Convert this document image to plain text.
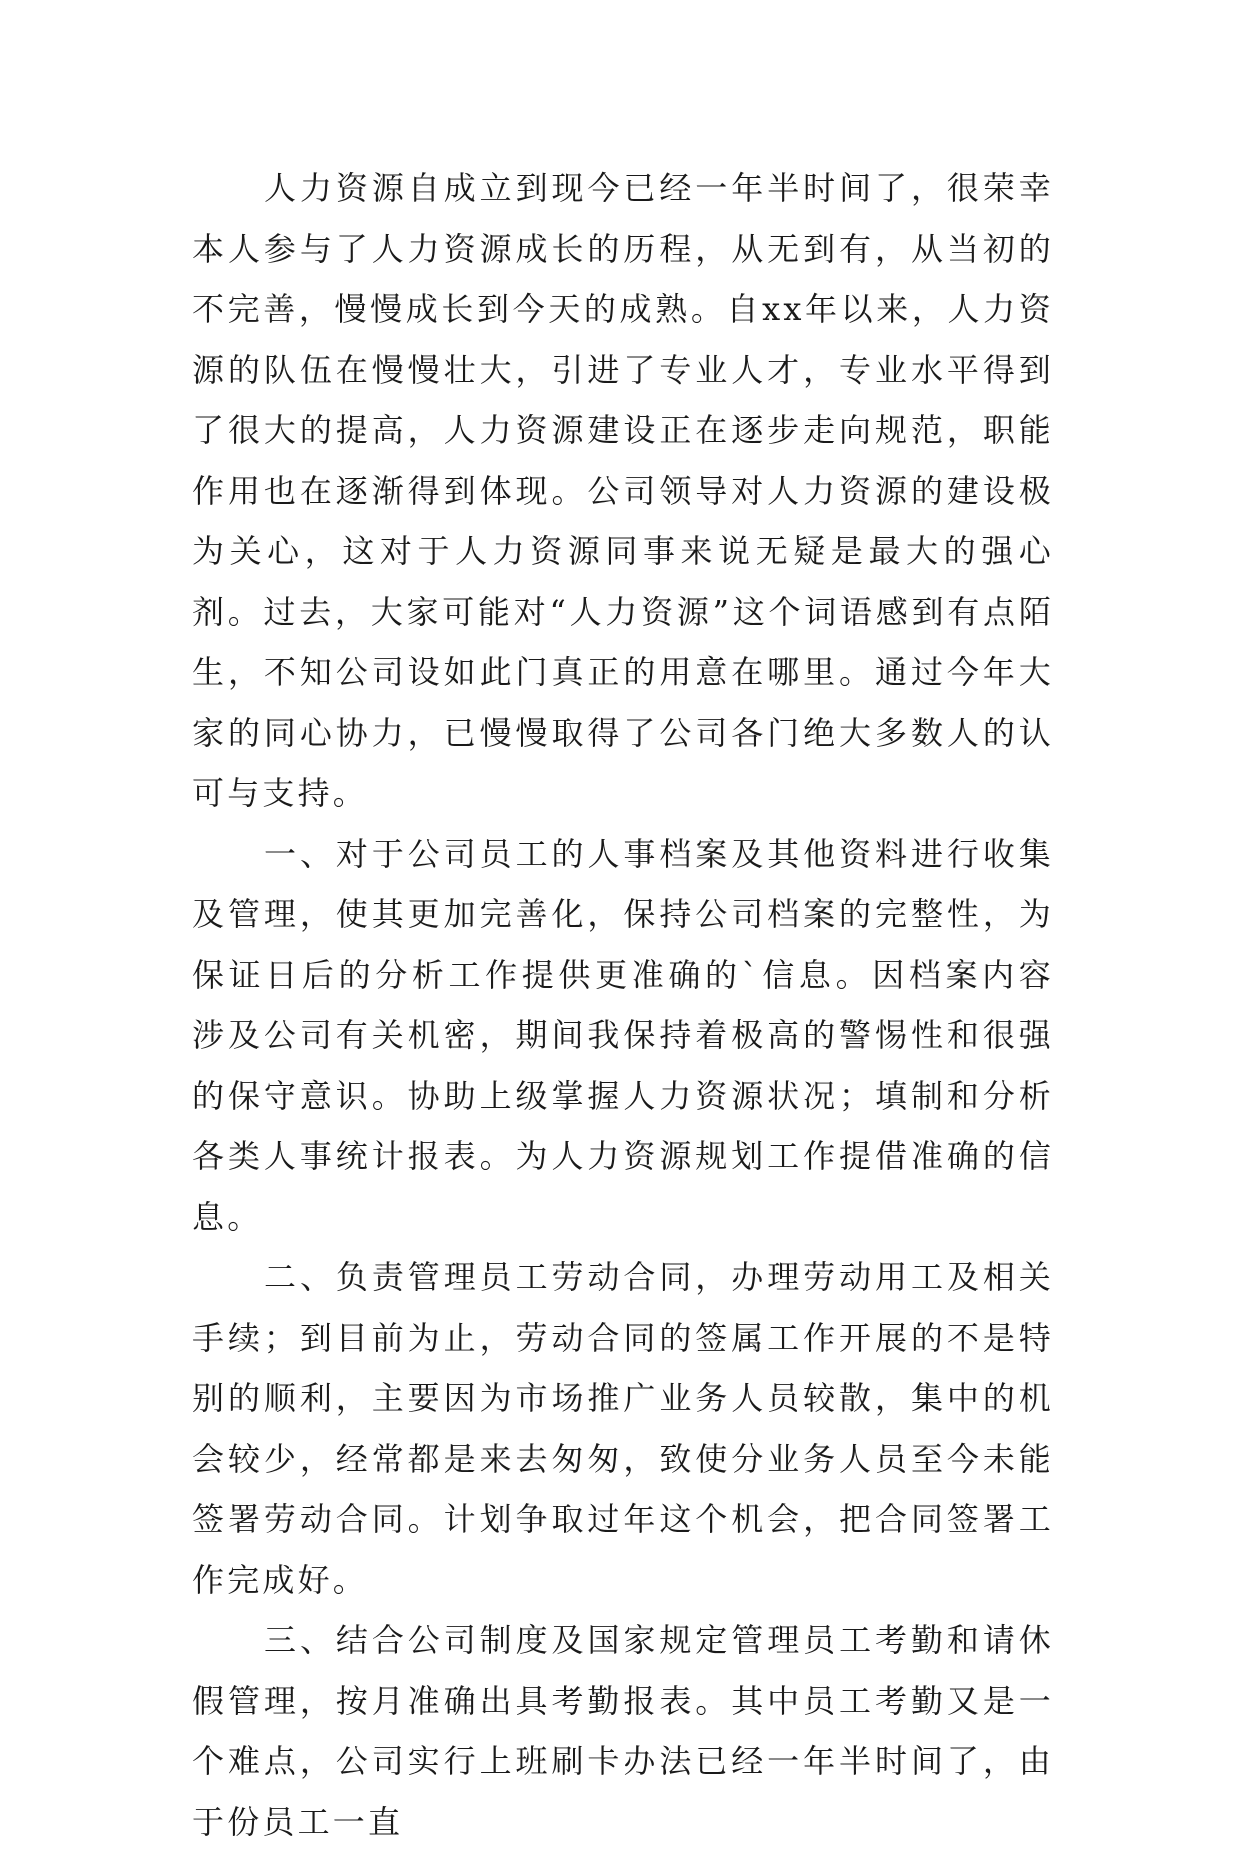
人力资源自成立到现今已经一年半时间了，很荣幸本人参与了人力资源成长的历程，从无到有，从当初的不完善，慢慢成长到今天的成熟。自xx年以来，人力资源的队伍在慢慢壮大，引进了专业人才，专业水平得到了很大的提高，人力资源建设正在逐步走向规范，职能作用也在逐渐得到体现。公司领导对人力资源的建设极为关心，这对于人力资源同事来说无疑是最大的强心剂。过去，大家可能对“人力资源”这个词语感到有点陌生，不知公司设如此门真正的用意在哪里。通过今年大家的同心协力，已慢慢取得了公司各门绝大多数人的认可与支持。

一、对于公司员工的人事档案及其他资料进行收集及管理，使其更加完善化，保持公司档案的完整性，为保证日后的分析工作提供更准确的`信息。因档案内容涉及公司有关机密，期间我保持着极高的警惕性和很强的保守意识。协助上级掌握人力资源状况；填制和分析各类人事统计报表。为人力资源规划工作提借准确的信息。

二、负责管理员工劳动合同，办理劳动用工及相关手续；到目前为止，劳动合同的签属工作开展的不是特别的顺利，主要因为市场推广业务人员较散，集中的机会较少，经常都是来去匆匆，致使分业务人员至今未能签署劳动合同。计划争取过年这个机会，把合同签署工作完成好。

三、结合公司制度及国家规定管理员工考勤和请休假管理，按月准确出具考勤报表。其中员工考勤又是一个难点，公司实行上班刷卡办法已经一年半时间了，由于份员工一直
